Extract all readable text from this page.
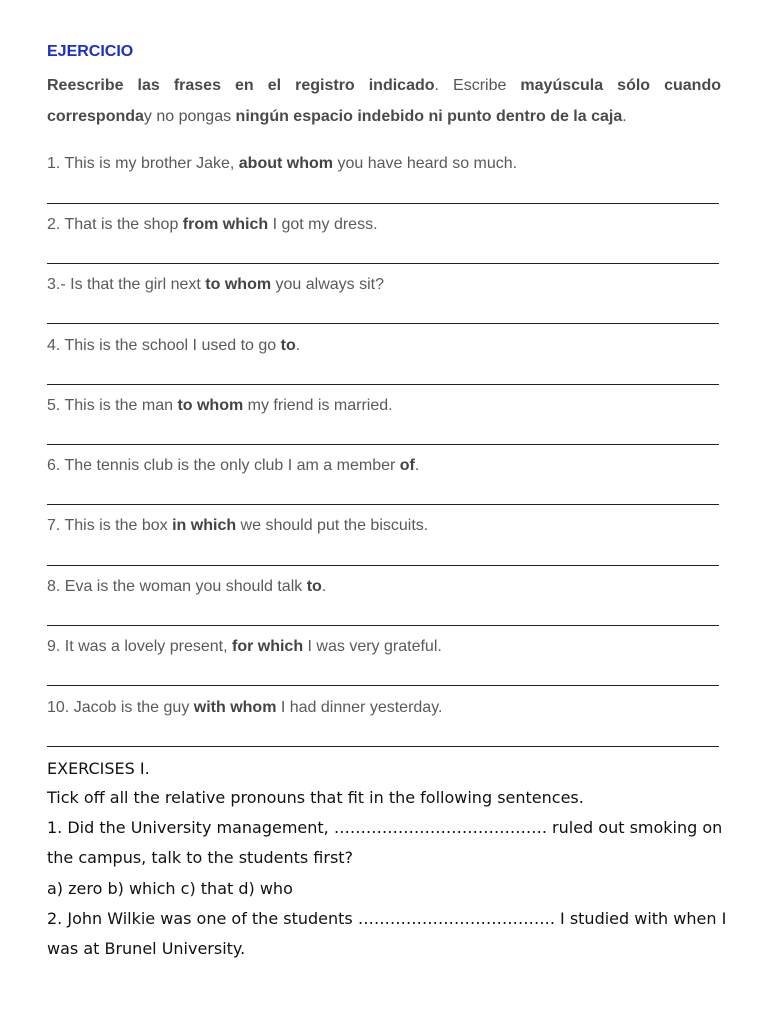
EJERCICIO
Reescribe las frases en el registro indicado. Escribe mayúscula sólo cuando corresponday no pongas ningún espacio indebido ni punto dentro de la caja.
1. This is my brother Jake, about whom you have heard so much.
2. That is the shop from which I got my dress.
3.- Is that the girl next to whom you always sit?
4. This is the school I used to go to.
5. This is the man to whom my friend is married.
6. The tennis club is the only club I am a member of.
7. This is the box in which we should put the biscuits.
8. Eva is the woman you should talk to.
9. It was a lovely present, for which I was very grateful.
10. Jacob is the guy with whom I had dinner yesterday.
EXERCISES I.
Tick off all the relative pronouns that fit in the following sentences.
1. Did the University management, …………………………………. ruled out smoking on the campus, talk to the students first?
a) zero b) which c) that d) who
2. John Wilkie was one of the students ………………………………. I studied with when I was at Brunel University.
